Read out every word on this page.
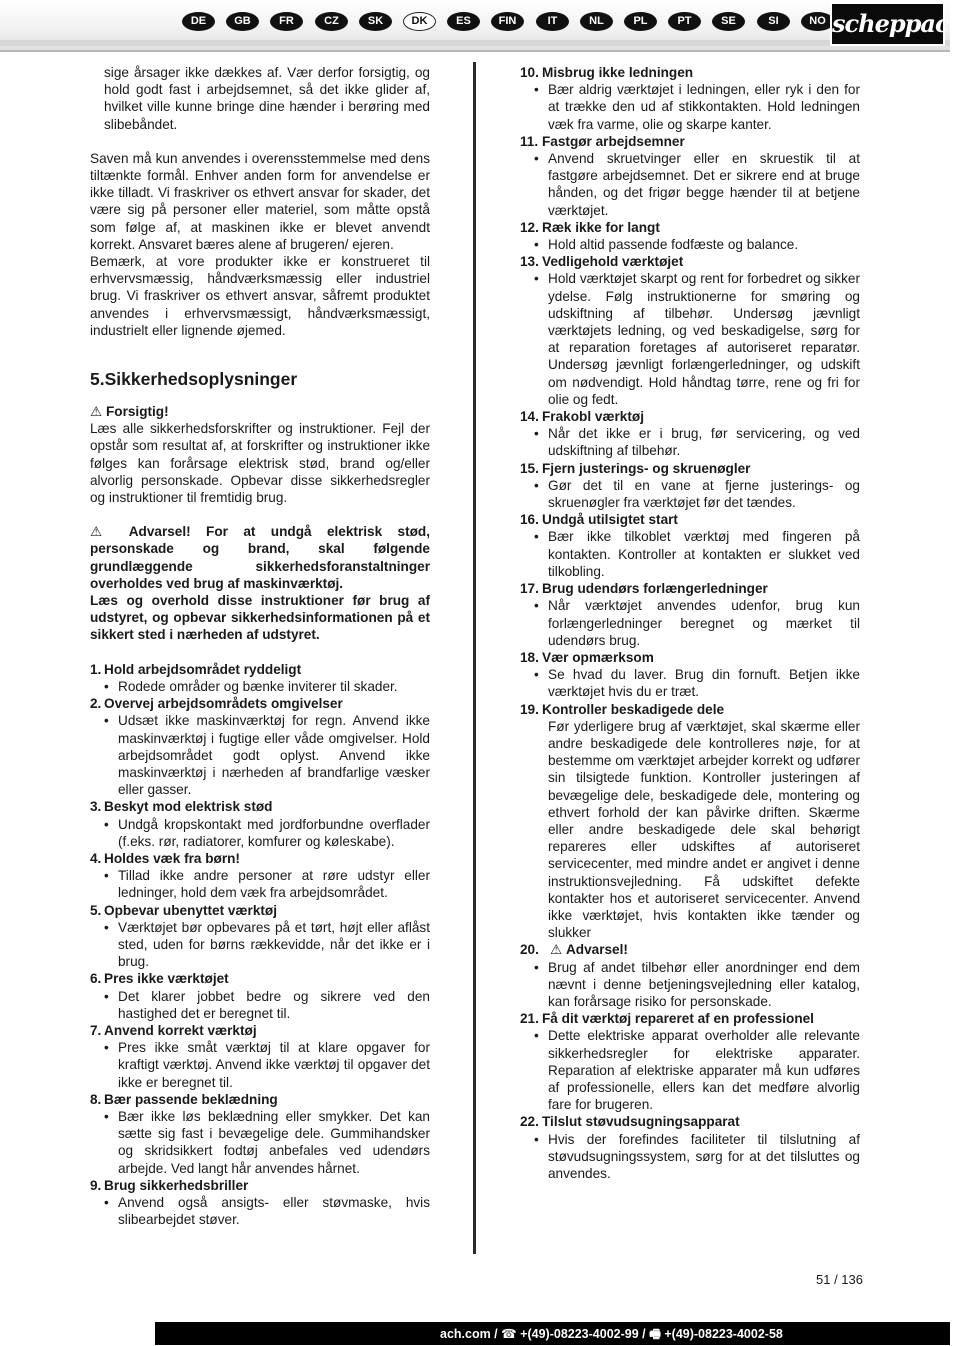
DE	GB	FR	CZ	SK	DK	ES	FIN	IT	NL	PL	PT	SE	SI	NO scheppach

sige årsager ikke dækkes af. Vær derfor forsigtig, og hold godt fast i arbejdsemnet, så det ikke glider af, hvilket ville kunne bringe dine hænder i berøring med slibebåndet.

Saven må kun anvendes i overensstemmelse med dens tiltænkte formål. Enhver anden form for anvendelse er ikke tilladt. Vi fraskriver os ethvert ansvar for skader, det være sig på personer eller materiel, som måtte opstå som følge af, at maskinen ikke er blevet anvendt korrekt. Ansvaret bæres alene af brugeren/ ejeren.

Bemærk, at vore produkter ikke er konstrueret til erhvervsmæssig, håndværksmæssig eller industriel brug. Vi fraskriver os ethvert ansvar, såfremt produktet anvendes i erhvervsmæssigt, håndværksmæssigt, industrielt eller lignende øjemed.

5.Sikkerhedsoplysninger

⚠ Forsigtig!

Læs alle sikkerhedsforskrifter og instruktioner. Fejl der opstår som resultat af, at forskrifter og instruktioner ikke følges kan forårsage elektrisk stød, brand og/eller alvorlig personskade. Opbevar disse sikkerhedsregler og instruktioner til fremtidig brug.

⚠ Advarsel! For at undgå elektrisk stød, personskade og brand, skal følgende grundlæggende sikkerhedsforanstaltninger overholdes ved brug af maskinværktøj.

Læs og overhold disse instruktioner før brug af udstyret, og opbevar sikkerhedsinformationen på et sikkert sted i nærheden af udstyret.

1. Hold arbejdsområdet ryddeligt
• Rodede områder og bænke inviterer til skader.
2. Overvej arbejdsområdets omgivelser
• Udsæt ikke maskinværktøj for regn. Anvend ikke maskinværktøj i fugtige eller våde omgivelser. Hold arbejdsområdet godt oplyst. Anvend ikke maskinværktøj i nærheden af brandfarlige væsker eller gasser.
3. Beskyt mod elektrisk stød
• Undgå kropskontakt med jordforbundne overflader (f.eks. rør, radiatorer, komfurer og køleskabe).
4. Holdes væk fra børn!
• Tillad ikke andre personer at røre udstyr eller ledninger, hold dem væk fra arbejdsområdet.
5. Opbevar ubenyttet værktøj
• Værktøjet bør opbevares på et tørt, højt eller aflåst sted, uden for børns rækkevidde, når det ikke er i brug.
6. Pres ikke værktøjet
• Det klarer jobbet bedre og sikrere ved den hastighed det er beregnet til.
7. Anvend korrekt værktøj
• Pres ikke småt værktøj til at klare opgaver for kraftigt værktøj. Anvend ikke værktøj til opgaver det ikke er beregnet til.
8. Bær passende beklædning
• Bær ikke løs beklædning eller smykker. Det kan sætte sig fast i bevægelige dele. Gummihandsker og skridsikkert fodtøj anbefales ved udendørs arbejde. Ved langt hår anvendes hårnet.
9. Brug sikkerhedsbriller
• Anvend også ansigts- eller støvmaske, hvis slibearbejdet støver.
10. Misbrug ikke ledningen
• Bær aldrig værktøjet i ledningen, eller ryk i den for at trække den ud af stikkontakten. Hold ledningen væk fra varme, olie og skarpe kanter.
11. Fastgør arbejdsemner
• Anvend skruetvinger eller en skruestik til at fastgøre arbejdsemnet. Det er sikrere end at bruge hånden, og det frigør begge hænder til at betjene værktøjet.
12. Ræk ikke for langt
• Hold altid passende fodfæste og balance.
13. Vedligehold værktøjet
• Hold værktøjet skarpt og rent for forbedret og sikker ydelse. Følg instruktionerne for smøring og udskiftning af tilbehør. Undersøg jævnligt værktøjets ledning, og ved beskadigelse, sørg for at reparation foretages af autoriseret reparatør. Undersøg jævnligt forlængerledninger, og udskift om nødvendigt. Hold håndtag tørre, rene og fri for olie og fedt.
14. Frakobl værktøj
• Når det ikke er i brug, før servicering, og ved udskiftning af tilbehør.
15. Fjern justerings- og skruenøgler
• Gør det til en vane at fjerne justerings- og skruenøgler fra værktøjet før det tændes.
16. Undgå utilsigtet start
• Bær ikke tilkoblet værktøj med fingeren på kontakten. Kontroller at kontakten er slukket ved tilkobling.
17. Brug udendørs forlængerledninger
• Når værktøjet anvendes udenfor, brug kun forlængerledninger beregnet og mærket til udendørs brug.
18. Vær opmærksom
• Se hvad du laver. Brug din fornuft. Betjen ikke værktøjet hvis du er træt.
19. Kontroller beskadigede dele
Før yderligere brug af værktøjet, skal skærme eller andre beskadigede dele kontrolleres nøje, for at bestemme om værktøjet arbejder korrekt og udfører sin tilsigtede funktion. Kontroller justeringen af bevægelige dele, beskadigede dele, montering og ethvert forhold der kan påvirke driften. Skærme eller andre beskadigede dele skal behørigt repareres eller udskiftes af autoriseret servicecenter, med mindre andet er angivet i denne instruktionsvejledning. Få udskiftet defekte kontakter hos et autoriseret servicecenter. Anvend ikke værktøjet, hvis kontakten ikke tænder og slukker
20. ⚠ Advarsel!
• Brug af andet tilbehør eller anordninger end dem nævnt i denne betjeningsvejledning eller katalog, kan forårsage risiko for personskade.
21. Få dit værktøj repareret af en professionel
• Dette elektriske apparat overholder alle relevante sikkerhedsregler for elektriske apparater. Reparation af elektriske apparater må kun udføres af professionelle, ellers kan det medføre alvorlig fare for brugeren.
22. Tilslut støvudsugningsapparat
• Hvis der forefindes faciliteter til tilslutning af støvudsugningssystem, sørg for at det tilsluttes og anvendes.
51 / 136
ach.com / ☎ +(49)-08223-4002-99 / 🖷 +(49)-08223-4002-58
